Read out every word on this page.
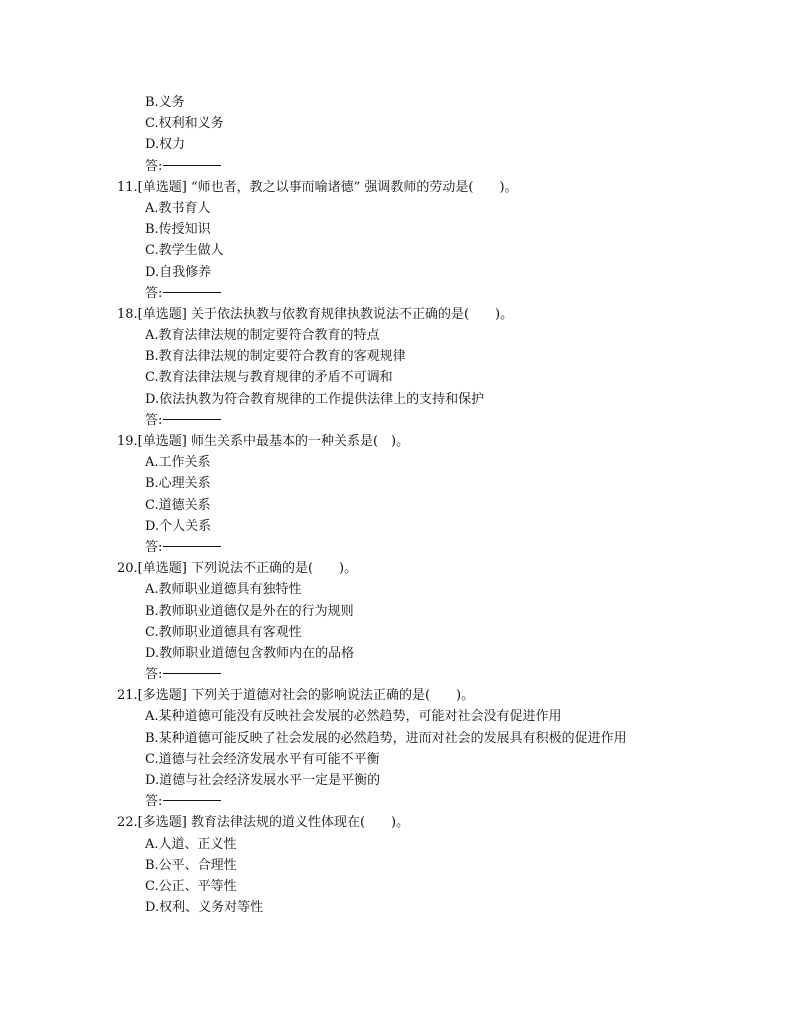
B.义务
C.权利和义务
D.权力
答:
11.[单选题] “师也者，教之以事而喻诸德” 强调教师的劳动是(　　)。
A.教书育人
B.传授知识
C.教学生做人
D.自我修养
答:
18.[单选题] 关于依法执教与依教育规律执教说法不正确的是(　　)。
A.教育法律法规的制定要符合教育的特点
B.教育法律法规的制定要符合教育的客观规律
C.教育法律法规与教育规律的矛盾不可调和
D.依法执教为符合教育规律的工作提供法律上的支持和保护
答:
19.[单选题] 师生关系中最基本的一种关系是(　)。
A.工作关系
B.心理关系
C.道德关系
D.个人关系
答:
20.[单选题] 下列说法不正确的是(　　)。
A.教师职业道德具有独特性
B.教师职业道德仅是外在的行为规则
C.教师职业道德具有客观性
D.教师职业道德包含教师内在的品格
答:
21.[多选题] 下列关于道德对社会的影响说法正确的是(　　)。
A.某种道德可能没有反映社会发展的必然趋势，可能对社会没有促进作用
B.某种道德可能反映了社会发展的必然趋势，进而对社会的发展具有积极的促进作用
C.道德与社会经济发展水平有可能不平衡
D.道德与社会经济发展水平一定是平衡的
答:
22.[多选题] 教育法律法规的道义性体现在(　　)。
A.人道、正义性
B.公平、合理性
C.公正、平等性
D.权利、义务对等性
